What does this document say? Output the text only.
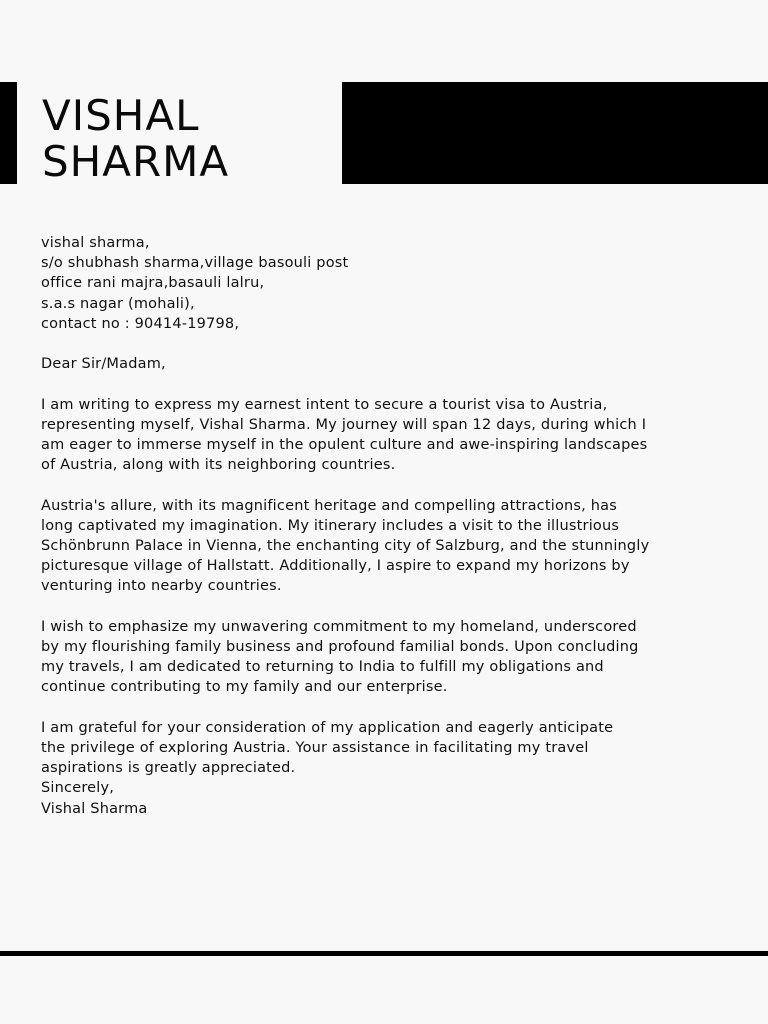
VISHAL
SHARMA
vishal sharma,
s/o shubhash sharma,village basouli post
office rani majra,basauli lalru,
s.a.s nagar (mohali),
contact no : 90414-19798,
Dear Sir/Madam,
I am writing to express my earnest intent to secure a tourist visa to Austria,
representing myself, Vishal Sharma. My journey will span 12 days, during which I
am eager to immerse myself in the opulent culture and awe-inspiring landscapes
of Austria, along with its neighboring countries.
Austria's allure, with its magnificent heritage and compelling attractions, has
long captivated my imagination. My itinerary includes a visit to the illustrious
Schönbrunn Palace in Vienna, the enchanting city of Salzburg, and the stunningly
picturesque village of Hallstatt. Additionally, I aspire to expand my horizons by
venturing into nearby countries.
I wish to emphasize my unwavering commitment to my homeland, underscored
by my flourishing family business and profound familial bonds. Upon concluding
my travels, I am dedicated to returning to India to fulfill my obligations and
continue contributing to my family and our enterprise.
I am grateful for your consideration of my application and eagerly anticipate
the privilege of exploring Austria. Your assistance in facilitating my travel
aspirations is greatly appreciated.
Sincerely,
Vishal Sharma
